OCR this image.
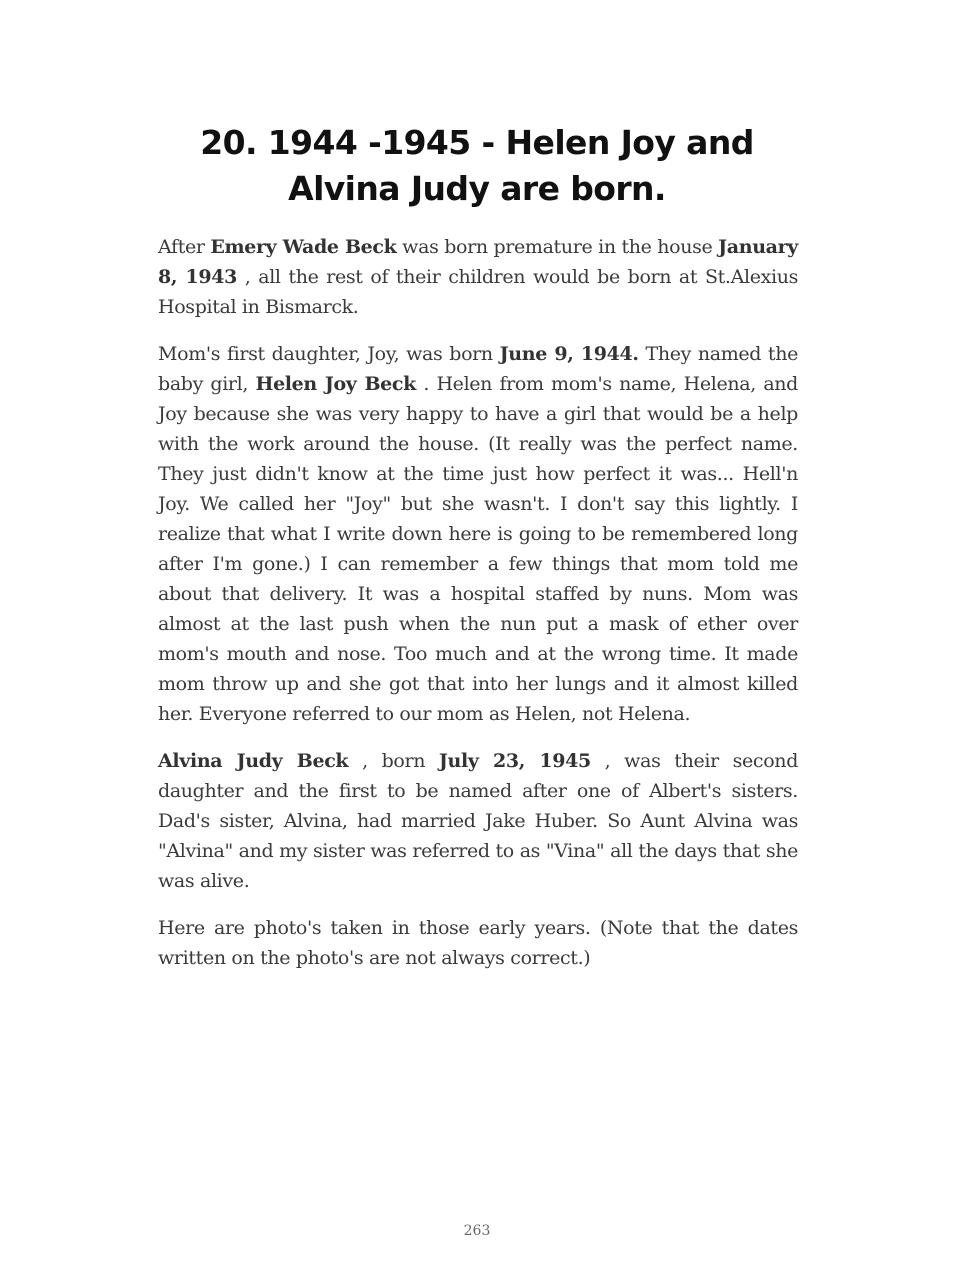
20. 1944 -1945 - Helen Joy and Alvina Judy are born.

After Emery Wade Beck was born premature in the house January 8, 1943 , all the rest of their children would be born at St.Alexius Hospital in Bismarck.

Mom's first daughter, Joy, was born June 9, 1944. They named the baby girl, Helen Joy Beck . Helen from mom's name, Helena, and Joy because she was very happy to have a girl that would be a help with the work around the house. (It really was the perfect name. They just didn't know at the time just how perfect it was... Hell'n Joy. We called her "Joy" but she wasn't. I don't say this lightly. I realize that what I write down here is going to be remembered long after I'm gone.) I can remember a few things that mom told me about that delivery. It was a hospital staffed by nuns. Mom was almost at the last push when the nun put a mask of ether over mom's mouth and nose. Too much and at the wrong time. It made mom throw up and she got that into her lungs and it almost killed her. Everyone referred to our mom as Helen, not Helena.

Alvina Judy Beck , born July 23, 1945 , was their second daughter and the first to be named after one of Albert's sisters. Dad's sister, Alvina, had married Jake Huber. So Aunt Alvina was "Alvina" and my sister was referred to as "Vina" all the days that she was alive.

Here are photo's taken in those early years. (Note that the dates written on the photo's are not always correct.)

263
